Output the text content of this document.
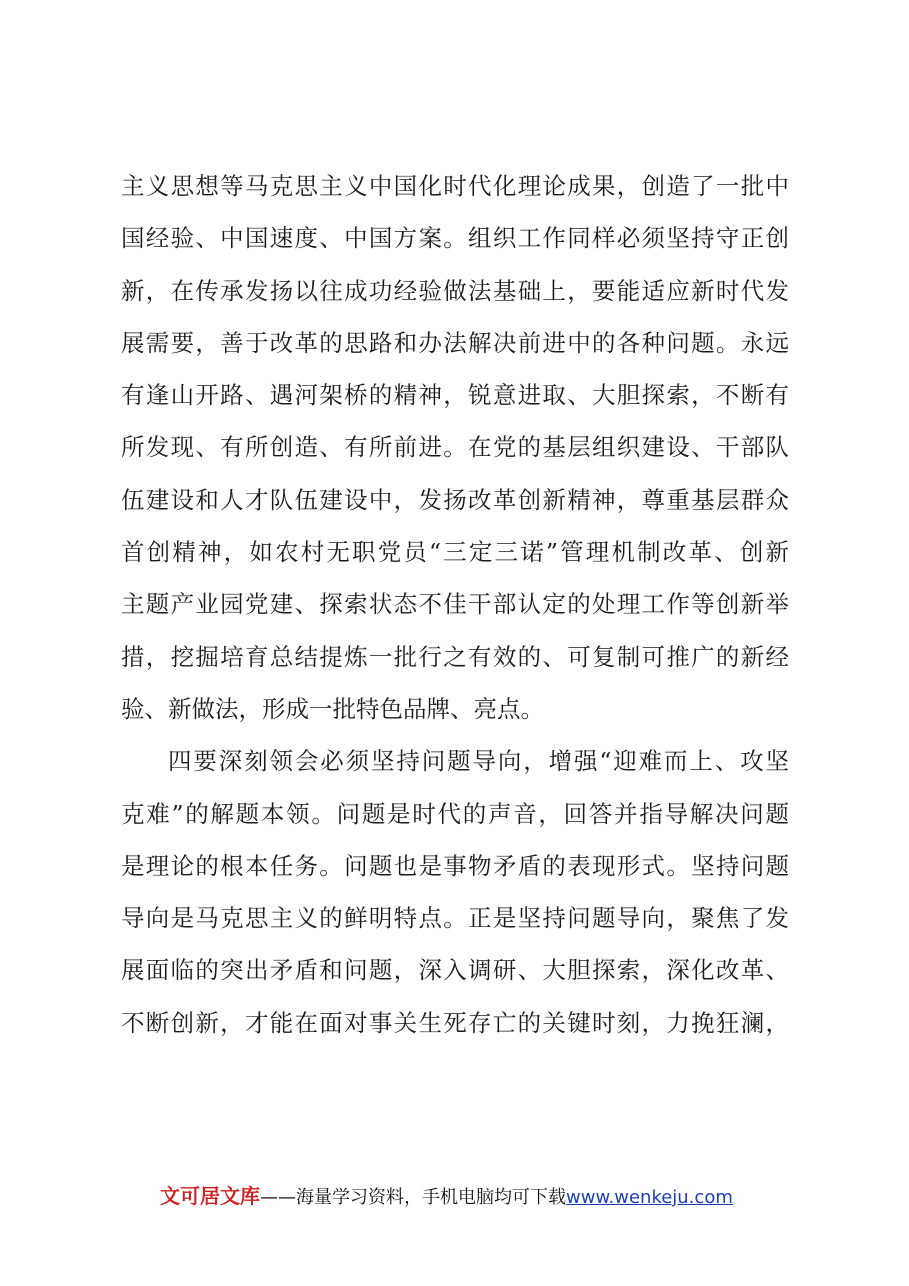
主义思想等马克思主义中国化时代化理论成果，创造了一批中
国经验、中国速度、中国方案。组织工作同样必须坚持守正创
新，在传承发扬以往成功经验做法基础上，要能适应新时代发
展需要，善于改革的思路和办法解决前进中的各种问题。永远
有逢山开路、遇河架桥的精神，锐意进取、大胆探索，不断有
所发现、有所创造、有所前进。在党的基层组织建设、干部队
伍建设和人才队伍建设中，发扬改革创新精神，尊重基层群众
首创精神，如农村无职党员“三定三诺”管理机制改革、创新
主题产业园党建、探索状态不佳干部认定的处理工作等创新举
措，挖掘培育总结提炼一批行之有效的、可复制可推广的新经
验、新做法，形成一批特色品牌、亮点。
四要深刻领会必须坚持问题导向，增强“迎难而上、攻坚
克难”的解题本领。问题是时代的声音，回答并指导解决问题
是理论的根本任务。问题也是事物矛盾的表现形式。坚持问题
导向是马克思主义的鲜明特点。正是坚持问题导向，聚焦了发
展面临的突出矛盾和问题，深入调研、大胆探索，深化改革、
不断创新，才能在面对事关生死存亡的关键时刻，力挽狂澜，
文可居文库——海量学习资料，手机电脑均可下载www.wenkeju.com
